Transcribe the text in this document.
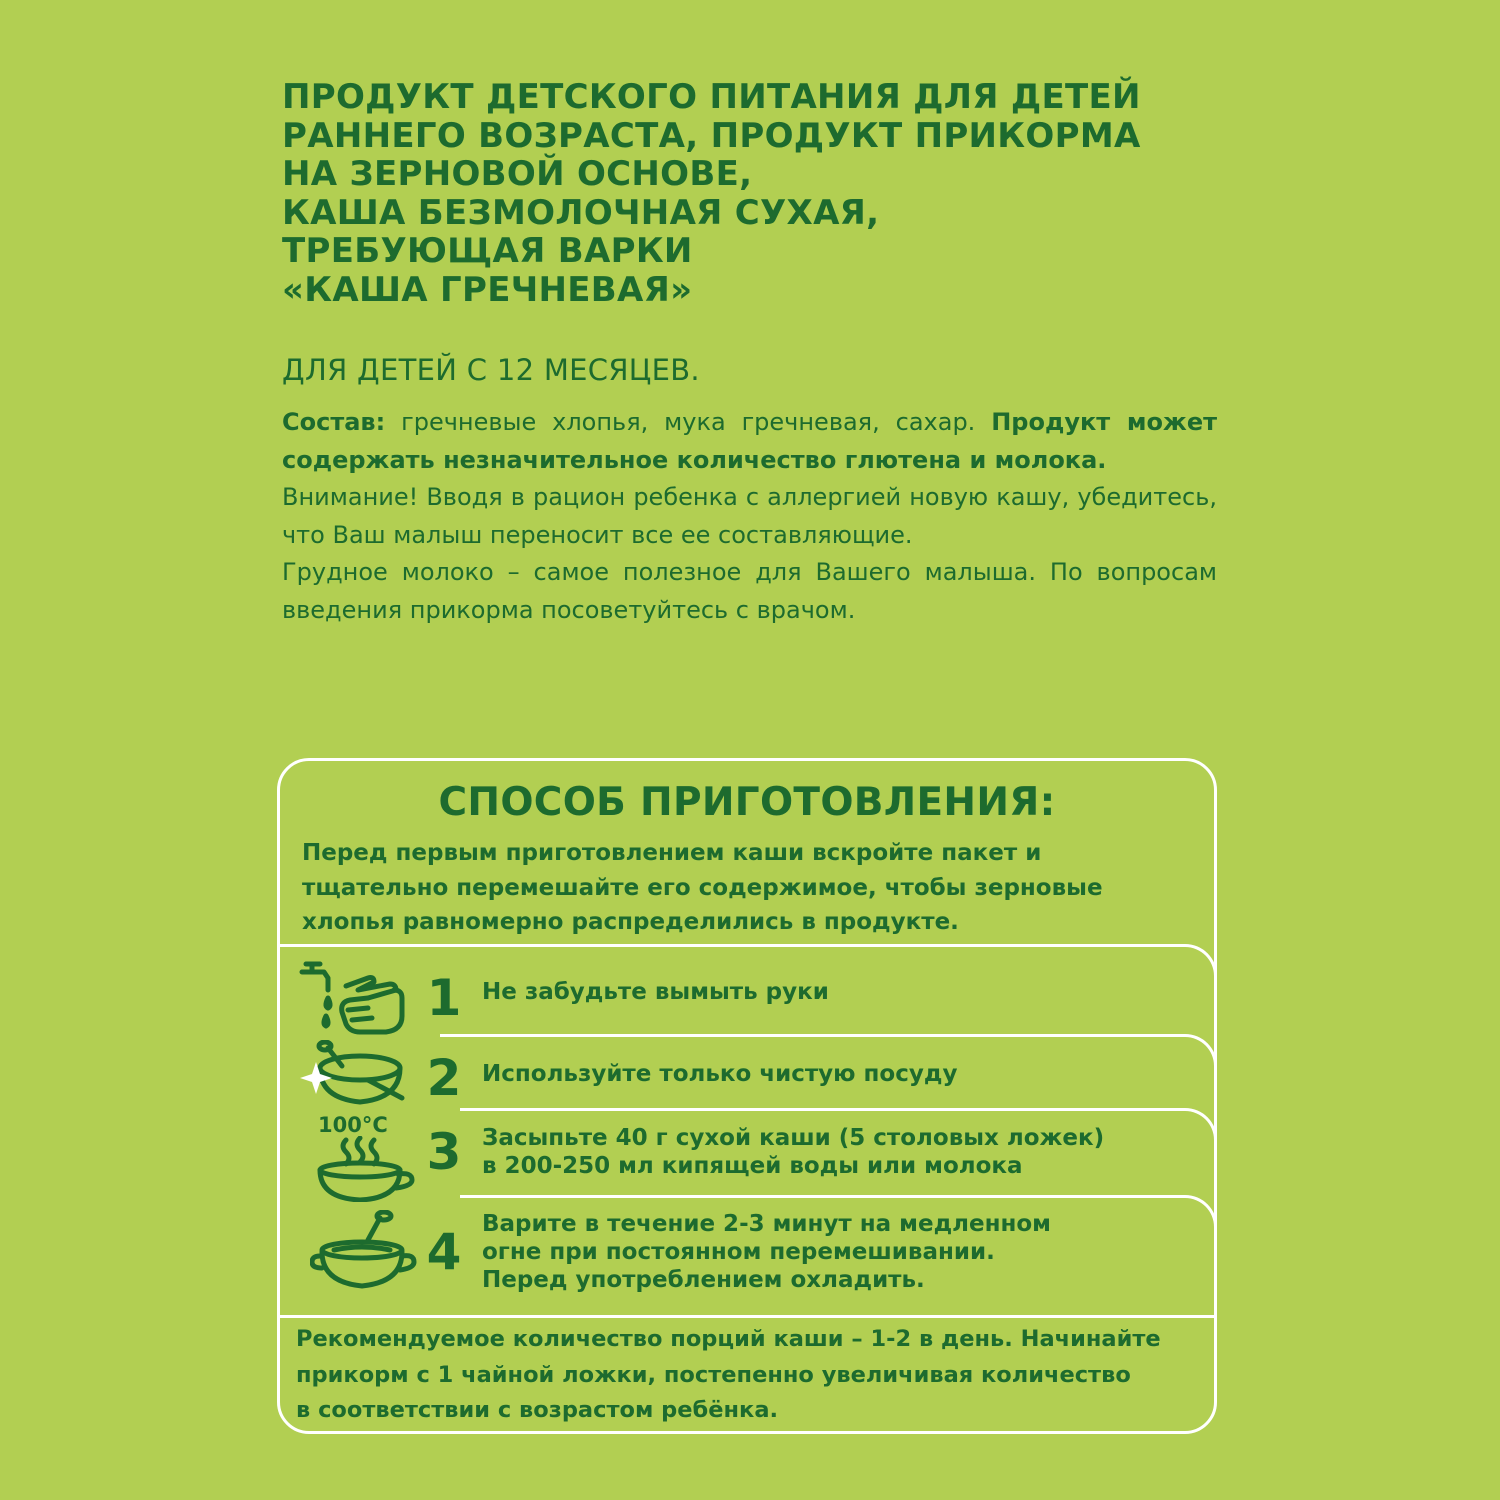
ПРОДУКТ ДЕТСКОГО ПИТАНИЯ ДЛЯ ДЕТЕЙ
РАННЕГО ВОЗРАСТА, ПРОДУКТ ПРИКОРМА
НА ЗЕРНОВОЙ ОСНОВЕ,
КАША БЕЗМОЛОЧНАЯ СУХАЯ,
ТРЕБУЮЩАЯ ВАРКИ
«КАША ГРЕЧНЕВАЯ»
ДЛЯ ДЕТЕЙ С 12 МЕСЯЦЕВ.

Состав: гречневые хлопья, мука гречневая, сахар. Продукт может содержать незначительное количество глютена и молока.

Внимание! Вводя в рацион ребенка с аллергией новую кашу, убедитесь, что Ваш малыш переносит все ее составляющие.

Грудное молоко – самое полезное для Вашего малыша. По вопросам введения прикорма посоветуйтесь с врачом.

СПОСОБ ПРИГОТОВЛЕНИЯ:
Перед первым приготовлением каши вскройте пакет и
тщательно перемешайте его содержимое, чтобы зерновые
хлопья равномерно распределились в продукте.
1 Не забудьте вымыть руки
2 Используйте только чистую посуду
100°C 3 Засыпьте 40 г сухой каши (5 столовых ложек)
в 200-250 мл кипящей воды или молока
4 Варите в течение 2-3 минут на медленном
огне при постоянном перемешивании.
Перед употреблением охладить.
Рекомендуемое количество порций каши – 1-2 в день. Начинайте
прикорм с 1 чайной ложки, постепенно увеличивая количество
в соответствии с возрастом ребёнка.
